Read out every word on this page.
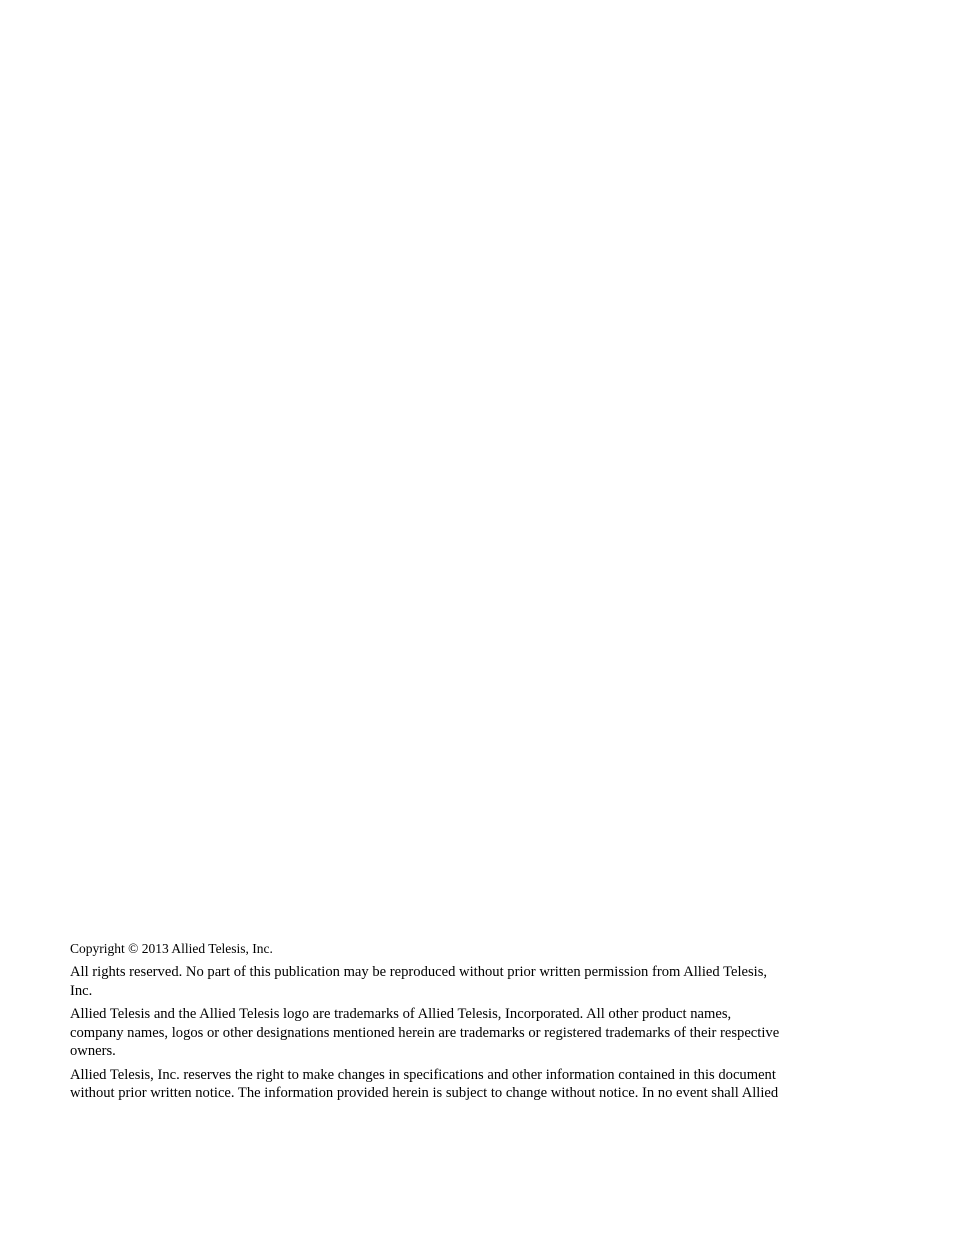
Copyright © 2013 Allied Telesis, Inc.

All rights reserved. No part of this publication may be reproduced without prior written permission from Allied Telesis,
Inc.

Allied Telesis and the Allied Telesis logo are trademarks of Allied Telesis, Incorporated. All other product names,
company names, logos or other designations mentioned herein are trademarks or registered trademarks of their respective
owners.

Allied Telesis, Inc. reserves the right to make changes in specifications and other information contained in this document
without prior written notice. The information provided herein is subject to change without notice. In no event shall Allied
